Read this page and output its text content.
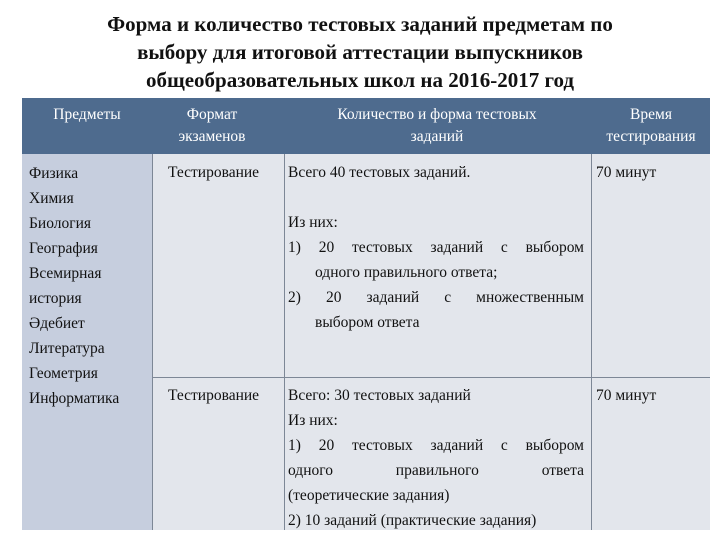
Форма и количество тестовых заданий предметам по
выбору для итоговой аттестации выпускников
общеобразовательных школ на 2016-2017 год
Предметы	Формат
экзаменов
Количество и форма тестовых
заданий
Время
тестирования
Физика
Химия
Биология
География
Всемирная
история
Әдебиет
Литература
Геометрия
Информатика
Тестирование Всего 40 тестовых заданий.
Из них:
1) 20 тестовых заданий с выбором
одного правильного ответа;
2) 20 заданий с множественным
выбором ответа
70 минут
Тестирование Всего: 30 тестовых заданий
Из них:
1) 20 тестовых заданий с выбором
одного правильного ответа
(теоретические задания)
2) 10 заданий (практические задания)
70 минут
